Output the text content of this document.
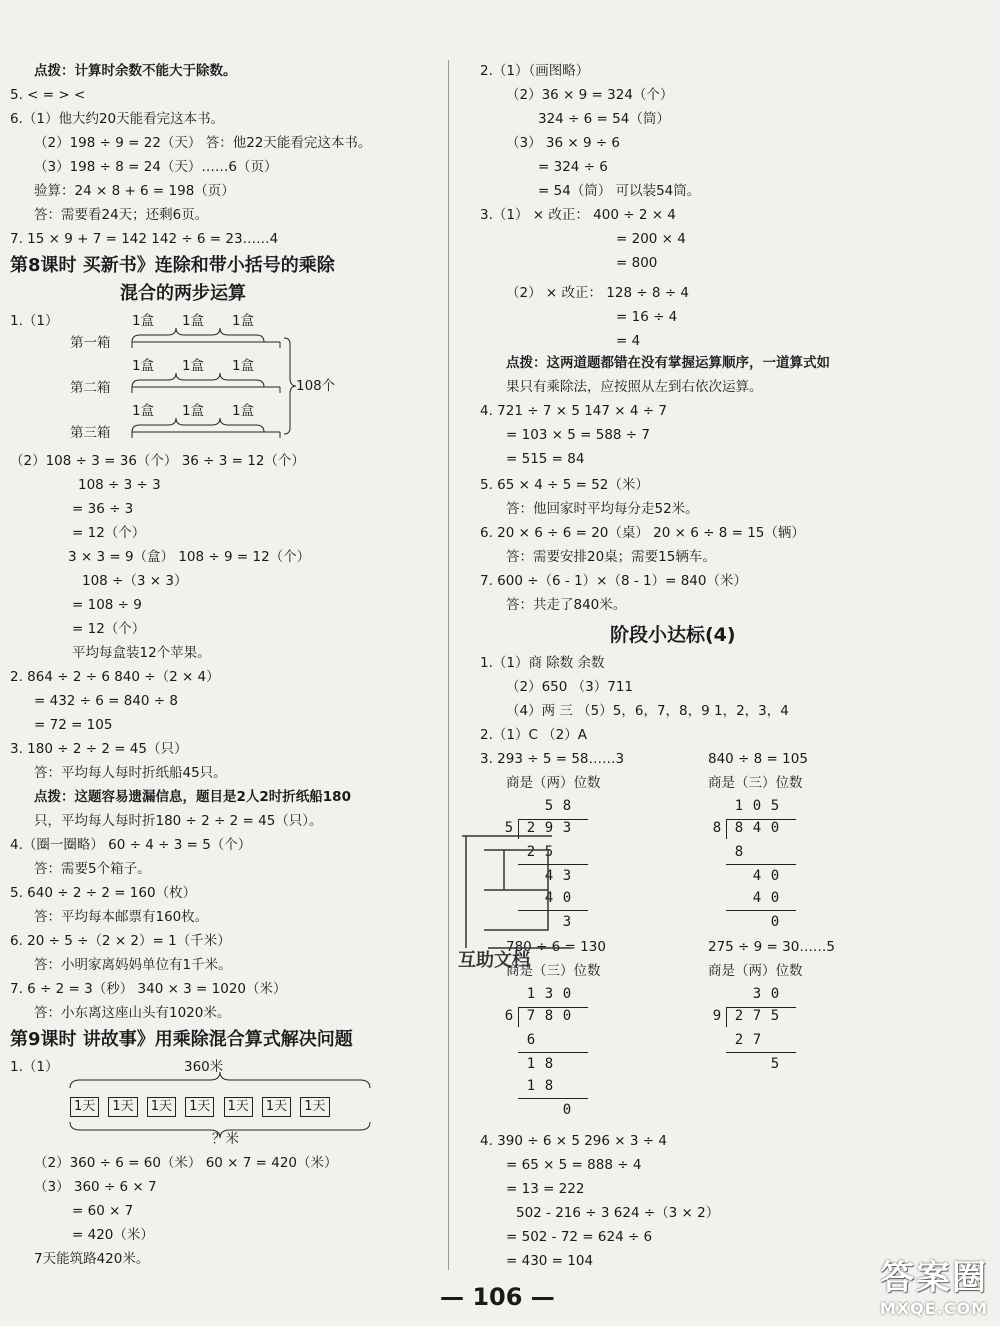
点拨：计算时余数不能大于除数。
5. < = > <
6.（1）他大约20天能看完这本书。
（2）198 ÷ 9 = 22（天） 答：他22天能看完这本书。
（3）198 ÷ 8 = 24（天）……6（页）
验算：24 × 8 + 6 = 198（页）
答：需要看24天；还剩6页。
7. 15 × 9 + 7 = 142 142 ÷ 6 = 23……4
第8课时 买新书》连除和带小括号的乘除
混合的两步运算
1.（1）	1盒 1盒 1盒
1盒 1盒 1盒
1盒 1盒 1盒
第一箱
第二箱
第三箱
108个
（2）108 ÷ 3 = 36（个） 36 ÷ 3 = 12（个）
108 ÷ 3 ÷ 3
= 36 ÷ 3
= 12（个）
3 × 3 = 9（盒） 108 ÷ 9 = 12（个）
108 ÷（3 × 3）
= 108 ÷ 9
= 12（个）
平均每盒装12个苹果。
2. 864 ÷ 2 ÷ 6 840 ÷（2 × 4）
= 432 ÷ 6 = 840 ÷ 8
= 72 = 105
3. 180 ÷ 2 ÷ 2 = 45（只）
答：平均每人每时折纸船45只。
点拨：这题容易遗漏信息，题目是2人2时折纸船180
只，平均每人每时折180 ÷ 2 ÷ 2 = 45（只）。
4.（圈一圈略） 60 ÷ 4 ÷ 3 = 5（个）
答：需要5个箱子。
5. 640 ÷ 2 ÷ 2 = 160（枚）
答：平均每本邮票有160枚。
6. 20 ÷ 5 ÷（2 × 2）= 1（千米）
答：小明家离妈妈单位有1千米。
7. 6 ÷ 2 = 3（秒） 340 × 3 = 1020（米）
答：小东离这座山头有1020米。
第9课时 讲故事》用乘除混合算式解决问题
1.（1）	360米
1天 1天 1天 1天 1天 1天 1天
？米
（2）360 ÷ 6 = 60（米） 60 × 7 = 420（米）
（3） 360 ÷ 6 × 7
= 60 × 7
= 420（米）
7天能筑路420米。
2.（1）（画图略）
（2）36 × 9 = 324（个）
324 ÷ 6 = 54（筒）
（3） 36 × 9 ÷ 6
= 324 ÷ 6
= 54（筒） 可以装54筒。
3.（1） × 改正： 400 ÷ 2 × 4
= 200 × 4
= 800
（2） × 改正： 128 ÷ 8 ÷ 4
= 16 ÷ 4
= 4
点拨：这两道题都错在没有掌握运算顺序，一道算式如
果只有乘除法，应按照从左到右依次运算。
4. 721 ÷ 7 × 5 147 × 4 ÷ 7
= 103 × 5 = 588 ÷ 7
= 515 = 84
5. 65 × 4 ÷ 5 = 52（米）
答：他回家时平均每分走52米。
6. 20 × 6 ÷ 6 = 20（桌） 20 × 6 ÷ 8 = 15（辆）
答：需要安排20桌；需要15辆车。
7. 600 ÷（6 - 1）×（8 - 1）= 840（米）
答：共走了840米。
阶段小达标(4)
1.（1）商 除数 余数
（2）650 （3）711
（4）两 三 （5）5，6，7，8，9 1，2，3，4
2.（1）C （2）A
3. 293 ÷ 5 = 58……3	840 ÷ 8 = 105
商是（两）位数	商是（三）位数
5 8
5 2 9 3
2 5
4 3
4 0
3
1 0 5
8 8 4 0
8
4 0
4 0
0
780 ÷ 6 = 130	275 ÷ 9 = 30……5
商是（三）位数	商是（两）位数
1 3 0
6 7 8 0
6
1 8
1 8
0
3 0
9 2 7 5
2 7
5
4. 390 ÷ 6 × 5 296 × 3 ÷ 4
= 65 × 5 = 888 ÷ 4
= 13 = 222
502 - 216 ÷ 3 624 ÷（3 × 2）
= 502 - 72 = 624 ÷ 6
= 430 = 104
互助文档
— 106 —	答案圈
MXQE.COM
